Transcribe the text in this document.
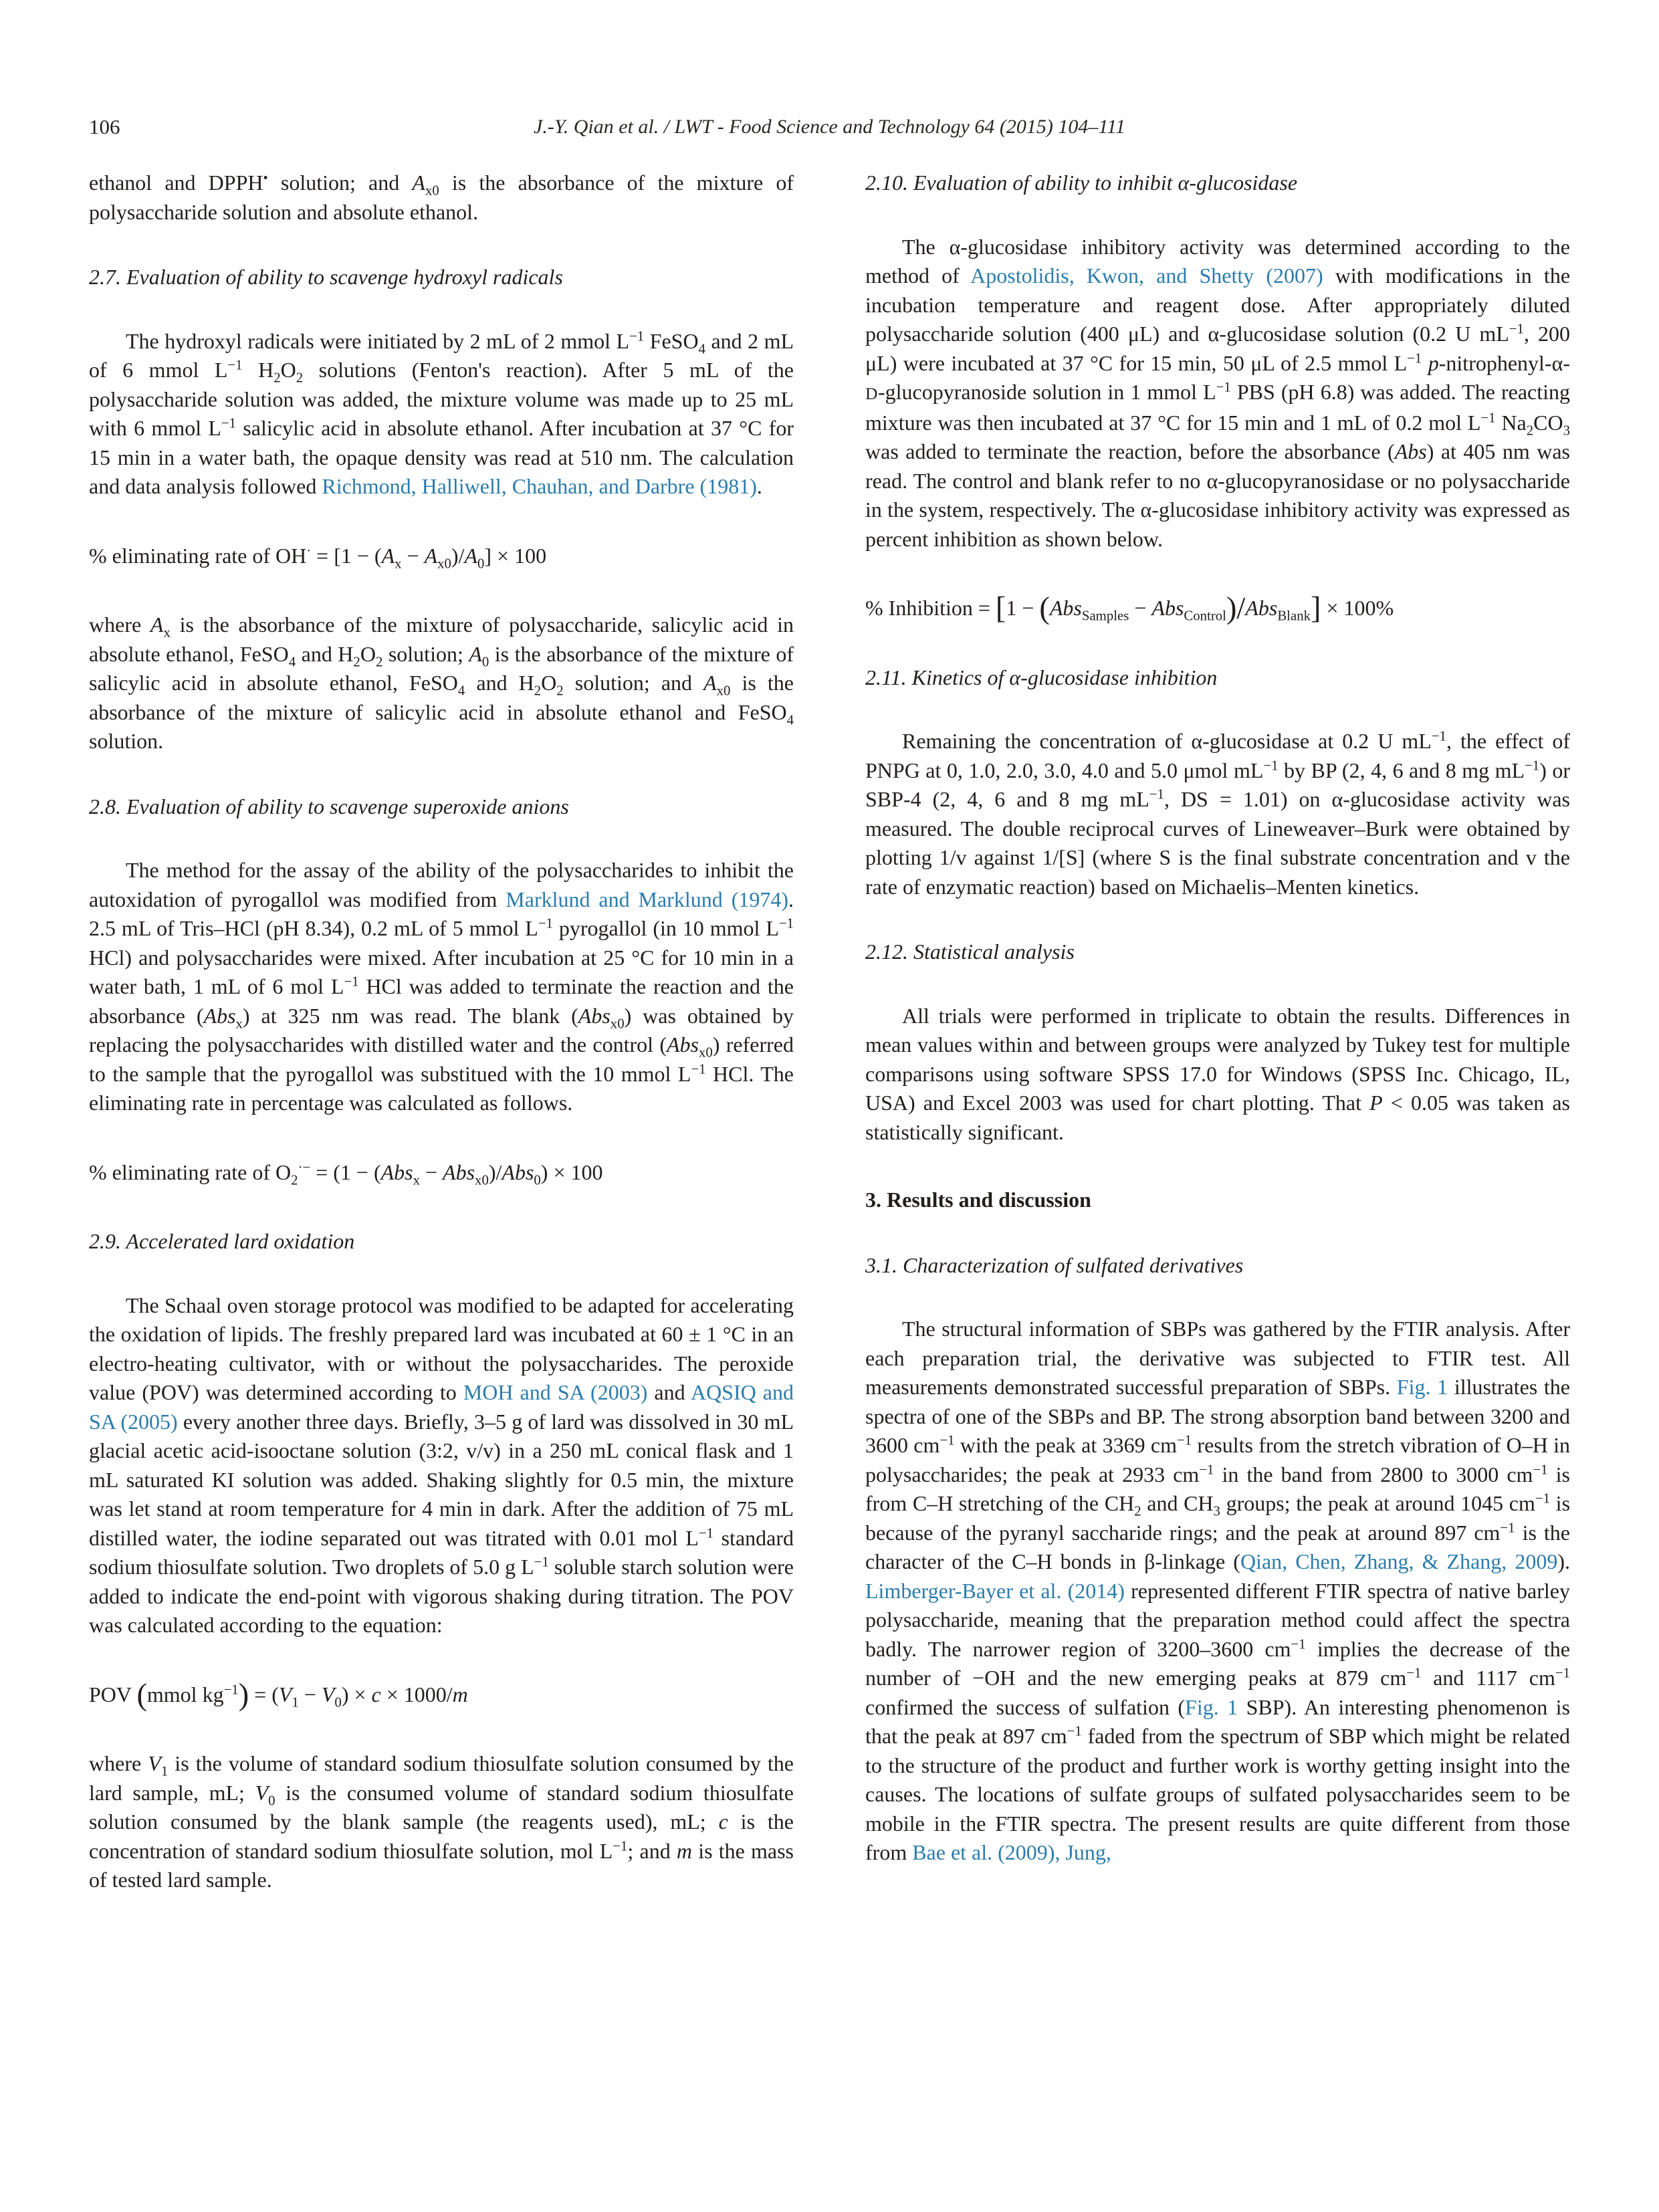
106	J.-Y. Qian et al. / LWT - Food Science and Technology 64 (2015) 104–111
ethanol and DPPH• solution; and $A_{x0}$ is the absorbance of the mixture of polysaccharide solution and absolute ethanol.
2.7. Evaluation of ability to scavenge hydroxyl radicals
The hydroxyl radicals were initiated by 2 mL of 2 mmol $L^{-1}$ FeSO$_4$ and 2 mL of 6 mmol $L^{-1}$ $H_2O_2$ solutions (Fenton's reaction). After 5 mL of the polysaccharide solution was added, the mixture volume was made up to 25 mL with 6 mmol $L^{-1}$ salicylic acid in absolute ethanol. After incubation at 37 °C for 15 min in a water bath, the opaque density was read at 510 nm. The calculation and data analysis followed Richmond, Halliwell, Chauhan, and Darbre (1981).
% eliminating rate of $OH^\cdot = [1 - (A_x - A_{x0})/A_0] \times 100$
where $A_x$ is the absorbance of the mixture of polysaccharide, salicylic acid in absolute ethanol, FeSO$_4$ and $H_2O_2$ solution; $A_0$ is the absorbance of the mixture of salicylic acid in absolute ethanol, FeSO$_4$ and $H_2O_2$ solution; and $A_{x0}$ is the absorbance of the mixture of salicylic acid in absolute ethanol and FeSO$_4$ solution.
2.8. Evaluation of ability to scavenge superoxide anions
The method for the assay of the ability of the polysaccharides to inhibit the autoxidation of pyrogallol was modified from Marklund and Marklund (1974). 2.5 mL of Tris–HCl (pH 8.34), 0.2 mL of 5 mmol $L^{-1}$ pyrogallol (in 10 mmol $L^{-1}$ HCl) and polysaccharides were mixed. After incubation at 25 °C for 10 min in a water bath, 1 mL of 6 mol $L^{-1}$ HCl was added to terminate the reaction and the absorbance (Abs$_x$) at 325 nm was read. The blank (Abs$_{x0}$) was obtained by replacing the polysaccharides with distilled water and the control (Abs$_{x0}$) referred to the sample that the pyrogallol was substitued with the 10 mmol $L^{-1}$ HCl. The eliminating rate in percentage was calculated as follows.
% eliminating rate of $O_2^{\cdot-} = (1 - (Abs_x - Abs_{x0})/Abs_0) \times 100$
2.9. Accelerated lard oxidation
The Schaal oven storage protocol was modified to be adapted for accelerating the oxidation of lipids. The freshly prepared lard was incubated at 60 ± 1 °C in an electro-heating cultivator, with or without the polysaccharides. The peroxide value (POV) was determined according to MOH and SA (2003) and AQSIQ and SA (2005) every another three days. Briefly, 3–5 g of lard was dissolved in 30 mL glacial acetic acid-isooctane solution (3:2, v/v) in a 250 mL conical flask and 1 mL saturated KI solution was added. Shaking slightly for 0.5 min, the mixture was let stand at room temperature for 4 min in dark. After the addition of 75 mL distilled water, the iodine separated out was titrated with 0.01 mol $L^{-1}$ standard sodium thiosulfate solution. Two droplets of 5.0 g $L^{-1}$ soluble starch solution were added to indicate the end-point with vigorous shaking during titration. The POV was calculated according to the equation:
POV (mmol $kg^{-1}) = (V_1 - V_0) \times c \times 1000/m$
where $V_1$ is the volume of standard sodium thiosulfate solution consumed by the lard sample, mL; $V_0$ is the consumed volume of standard sodium thiosulfate solution consumed by the blank sample (the reagents used), mL; c is the concentration of standard sodium thiosulfate solution, mol $L^{-1}$; and m is the mass of tested lard sample.
2.10. Evaluation of ability to inhibit α-glucosidase
The α-glucosidase inhibitory activity was determined according to the method of Apostolidis, Kwon, and Shetty (2007) with modifications in the incubation temperature and reagent dose. After appropriately diluted polysaccharide solution (400 μL) and α-glucosidase solution (0.2 U $mL^{-1}$, 200 μL) were incubated at 37 °C for 15 min, 50 μL of 2.5 mmol $L^{-1}$ p-nitrophenyl-α-D-glucopyranoside solution in 1 mmol $L^{-1}$ PBS (pH 6.8) was added. The reacting mixture was then incubated at 37 °C for 15 min and 1 mL of 0.2 mol $L^{-1}$ $Na_2CO_3$ was added to terminate the reaction, before the absorbance (Abs) at 405 nm was read. The control and blank refer to no α-glucopyranosidase or no polysaccharide in the system, respectively. The α-glucosidase inhibitory activity was expressed as percent inhibition as shown below.
% Inhibition = [1 − (Abs$_{Samples}$ − Abs$_{Control}$)/Abs$_{Blank}$] × 100%
2.11. Kinetics of α-glucosidase inhibition
Remaining the concentration of α-glucosidase at 0.2 U $mL^{-1}$, the effect of PNPG at 0, 1.0, 2.0, 3.0, 4.0 and 5.0 μmol $mL^{-1}$ by BP (2, 4, 6 and 8 mg $mL^{-1}$) or SBP-4 (2, 4, 6 and 8 mg $mL^{-1}$, DS = 1.01) on α-glucosidase activity was measured. The double reciprocal curves of Lineweaver–Burk were obtained by plotting 1/v against 1/[S] (where S is the final substrate concentration and v the rate of enzymatic reaction) based on Michaelis–Menten kinetics.
2.12. Statistical analysis
All trials were performed in triplicate to obtain the results. Differences in mean values within and between groups were analyzed by Tukey test for multiple comparisons using software SPSS 17.0 for Windows (SPSS Inc. Chicago, IL, USA) and Excel 2003 was used for chart plotting. That P < 0.05 was taken as statistically significant.
3. Results and discussion
3.1. Characterization of sulfated derivatives
The structural information of SBPs was gathered by the FTIR analysis. After each preparation trial, the derivative was subjected to FTIR test. All measurements demonstrated successful preparation of SBPs. Fig. 1 illustrates the spectra of one of the SBPs and BP. The strong absorption band between 3200 and 3600 $cm^{-1}$ with the peak at 3369 $cm^{-1}$ results from the stretch vibration of O–H in polysaccharides; the peak at 2933 $cm^{-1}$ in the band from 2800 to 3000 $cm^{-1}$ is from C–H stretching of the $CH_2$ and $CH_3$ groups; the peak at around 1045 $cm^{-1}$ is because of the pyranyl saccharide rings; and the peak at around 897 $cm^{-1}$ is the character of the C–H bonds in β-linkage (Qian, Chen, Zhang, & Zhang, 2009). Limberger-Bayer et al. (2014) represented different FTIR spectra of native barley polysaccharide, meaning that the preparation method could affect the spectra badly. The narrower region of 3200–3600 $cm^{-1}$ implies the decrease of the number of −OH and the new emerging peaks at 879 $cm^{-1}$ and 1117 $cm^{-1}$ confirmed the success of sulfation (Fig. 1 SBP). An interesting phenomenon is that the peak at 897 $cm^{-1}$ faded from the spectrum of SBP which might be related to the structure of the product and further work is worthy getting insight into the causes. The locations of sulfate groups of sulfated polysaccharides seem to be mobile in the FTIR spectra. The present results are quite different from those from Bae et al. (2009), Jung,
